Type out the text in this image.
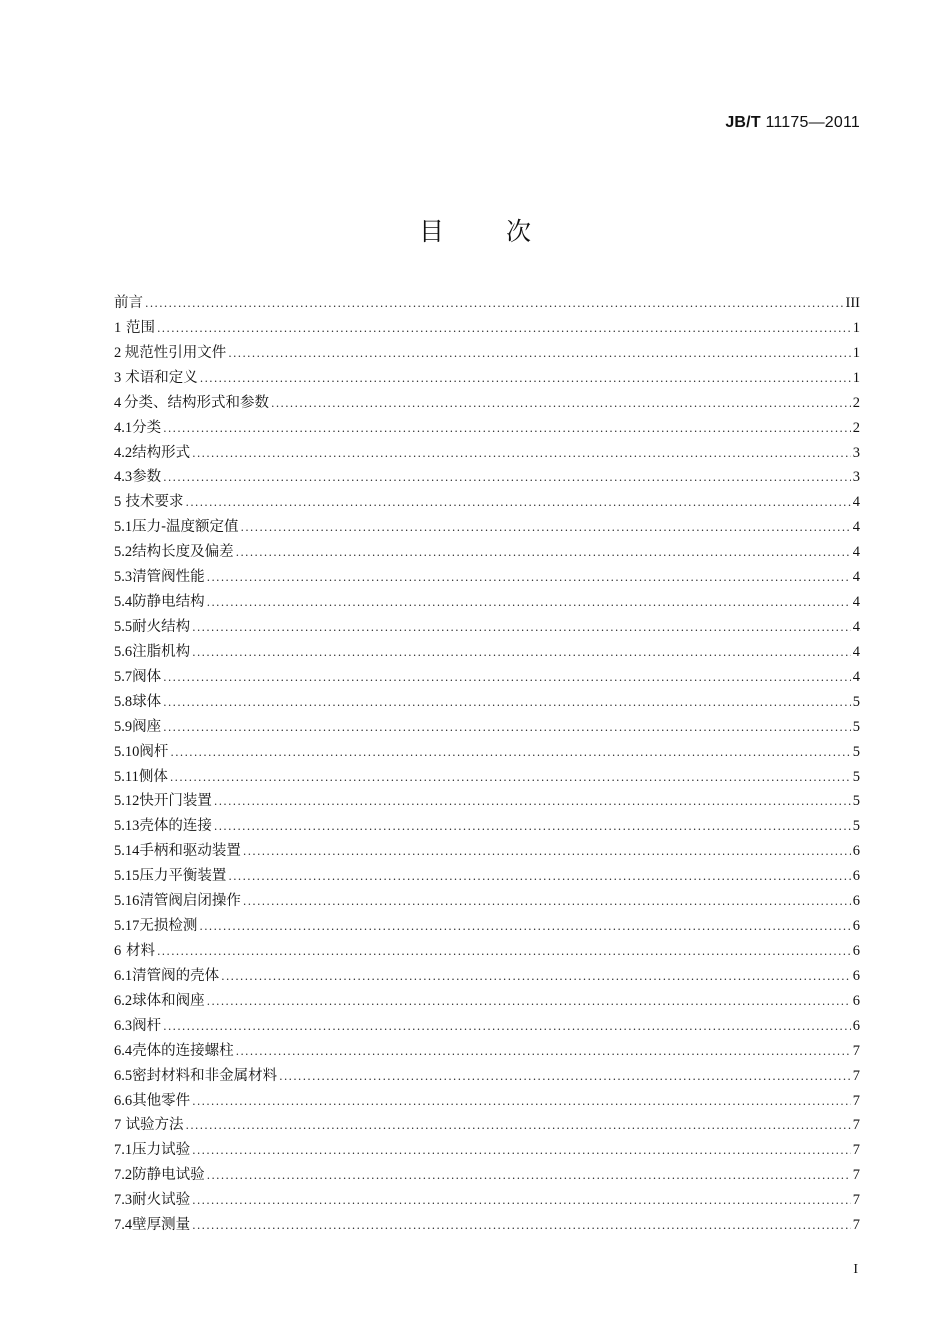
JB/T 11175—2011
目 次
前言 .....	III
1 范围 .....	1
2 规范性引用文件 .....	1
3 术语和定义 .....	1
4 分类、结构形式和参数 .....	2
4.1 分类 .....	2
4.2 结构形式 .....	3
4.3 参数 .....	3
5 技术要求 .....	4
5.1 压力-温度额定值 .....	4
5.2 结构长度及偏差 .....	4
5.3 清管阀性能 .....	4
5.4 防静电结构 .....	4
5.5 耐火结构 .....	4
5.6 注脂机构 .....	4
5.7 阀体 .....	4
5.8 球体 .....	5
5.9 阀座 .....	5
5.10 阀杆 .....	5
5.11 侧体 .....	5
5.12 快开门装置 .....	5
5.13 壳体的连接 .....	5
5.14 手柄和驱动装置 .....	6
5.15 压力平衡装置 .....	6
5.16 清管阀启闭操作 .....	6
5.17 无损检测 .....	6
6 材料 .....	6
6.1 清管阀的壳体 .....	6
6.2 球体和阀座 .....	6
6.3 阀杆 .....	6
6.4 壳体的连接螺柱 .....	7
6.5 密封材料和非金属材料 .....	7
6.6 其他零件 .....	7
7 试验方法 .....	7
7.1 压力试验 .....	7
7.2 防静电试验 .....	7
7.3 耐火试验 .....	7
7.4 壁厚测量 .....	7
I
